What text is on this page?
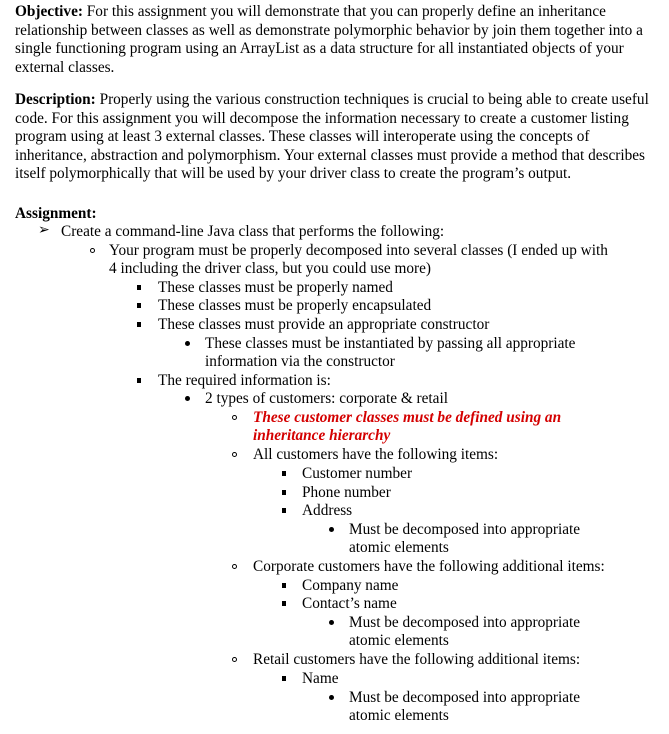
Objective: For this assignment you will demonstrate that you can properly define an inheritance relationship between classes as well as demonstrate polymorphic behavior by join them together into a single functioning program using an ArrayList as a data structure for all instantiated objects of your external classes.

Description: Properly using the various construction techniques is crucial to being able to create useful code. For this assignment you will decompose the information necessary to create a customer listing program using at least 3 external classes. These classes will interoperate using the concepts of inheritance, abstraction and polymorphism. Your external classes must provide a method that describes itself polymorphically that will be used by your driver class to create the program’s output.

Assignment:
➢ Create a command-line Java class that performs the following:
Your program must be properly decomposed into several classes (I ended up with
4 including the driver class, but you could use more)
These classes must be properly named
These classes must be properly encapsulated
These classes must provide an appropriate constructor
These classes must be instantiated by passing all appropriate
information via the constructor
The required information is:
2 types of customers: corporate & retail
These customer classes must be defined using an
inheritance hierarchy
All customers have the following items:
Customer number
Phone number
Address
Must be decomposed into appropriate
atomic elements
Corporate customers have the following additional items:
Company name
Contact’s name
Must be decomposed into appropriate
atomic elements
Retail customers have the following additional items:
Name
Must be decomposed into appropriate
atomic elements
